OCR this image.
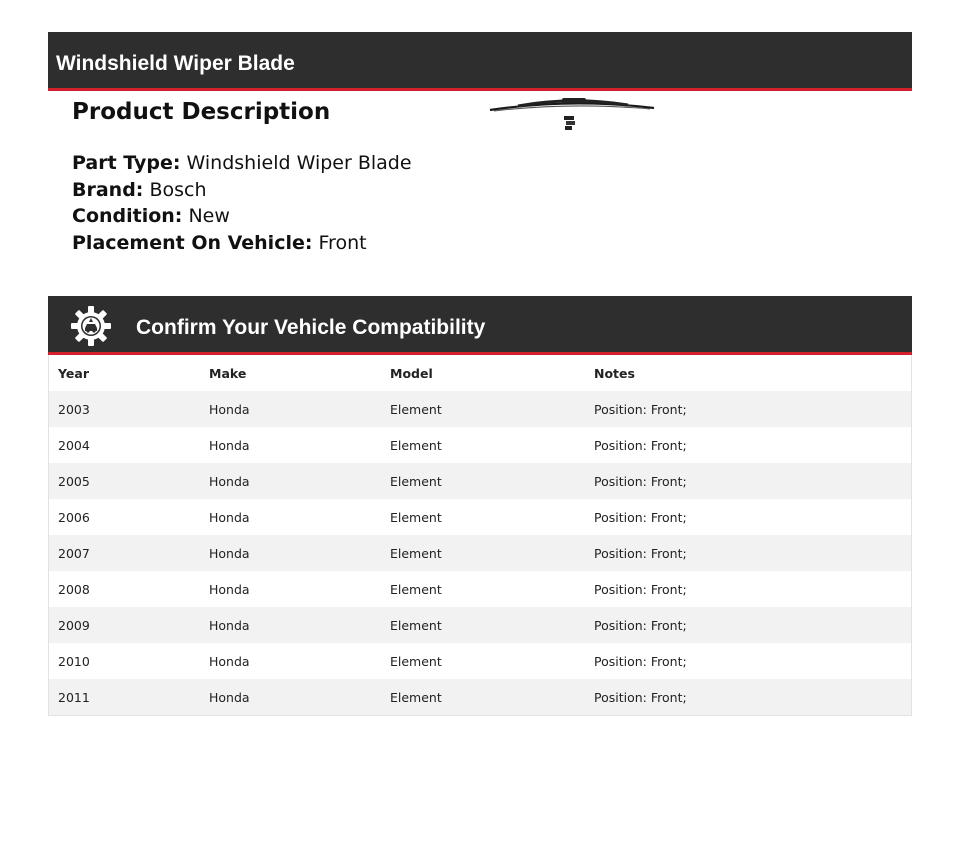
Windshield Wiper Blade
Product Description
Part Type: Windshield Wiper Blade
Brand: Bosch
Condition: New
Placement On Vehicle: Front
Confirm Your Vehicle Compatibility
Year	Make	Model	Notes
2003	Honda	Element	Position: Front;
2004	Honda	Element	Position: Front;
2005	Honda	Element	Position: Front;
2006	Honda	Element	Position: Front;
2007	Honda	Element	Position: Front;
2008	Honda	Element	Position: Front;
2009	Honda	Element	Position: Front;
2010	Honda	Element	Position: Front;
2011	Honda	Element	Position: Front;
